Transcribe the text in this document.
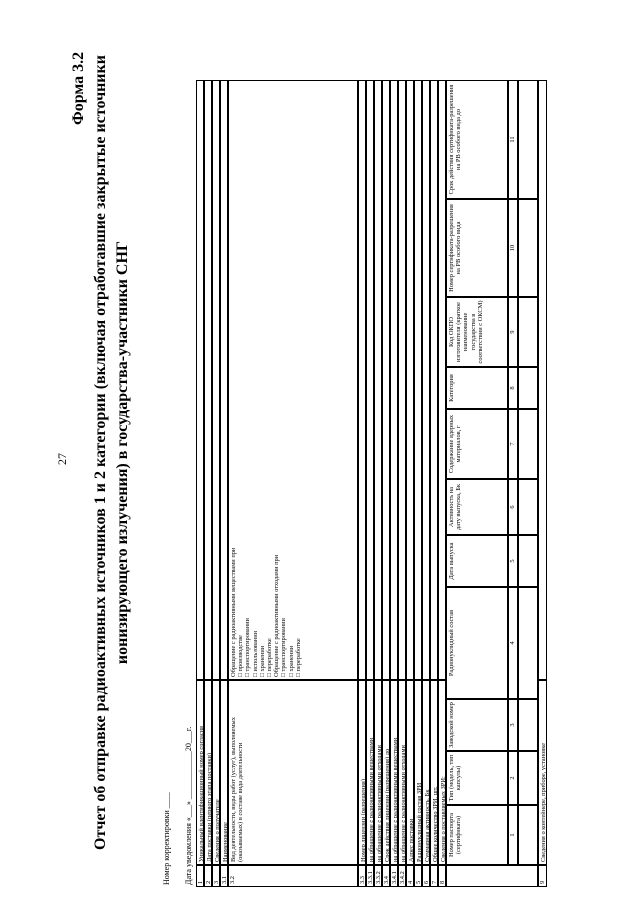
27
Форма 3.2 Отчет об отправке радиоактивных источников 1 и 2 категории (включая отработавшие закрытые источники ионизирующего излучения) в государства-участники СНГ
Номер корректировки ____ Дата уведомления «___» ____________20___г. 1
Уникальный идентификационный номер согласия
2
Дата поставки (первого этапа поставки)
3
Сведения о получателе
3.1
Наименование
3.2
Вид деятельности, виды работ (услуг), выполняемых (оказываемых) в составе вида деятельности
Обращение с радиоактивными веществами при □ производстве □ транспортировании □ использовании □ хранении □ переработке Обращение с радиоактивными отходами при □ транспортировании □ хранении □ переработке
3.3
Номер лицензии (разрешения)
3.3.1
на обращение с радиоактивными веществами
3.3.2
на обращение с радиоактивными отходами
3.4
Срок действия лицензии (разрешения) до
3.4.1
на обращение с радиоактивными веществами
3.4.2
на обращение с радиоактивными отходами
4
Адрес поставки
5
Радионуклидный состав ЗРИ
6
Суммарная активность, Бк
7
Общее количество ЗРИ, шт.
8
Сведения о поставляемых ЗРИ: Номер паспорта (сертификата)	1
Тип (модель, тип капсулы)	2
Заводской номер	3
Радионуклидный состав	4
Дата выпуска	5
Активность на дату выпуска, Бк	6
Содержание ядерных материалов, г	7
Категория	8
Код ОКПО изготовителя (краткое наименование государства в соответствии с ОКСМ)	9
Номер сертификата-разрешения на РВ особого вида	10
Срок действия сертификата-разрешения на РВ особого вида до	11
9
Сведения о контейнере, приборе, установке
